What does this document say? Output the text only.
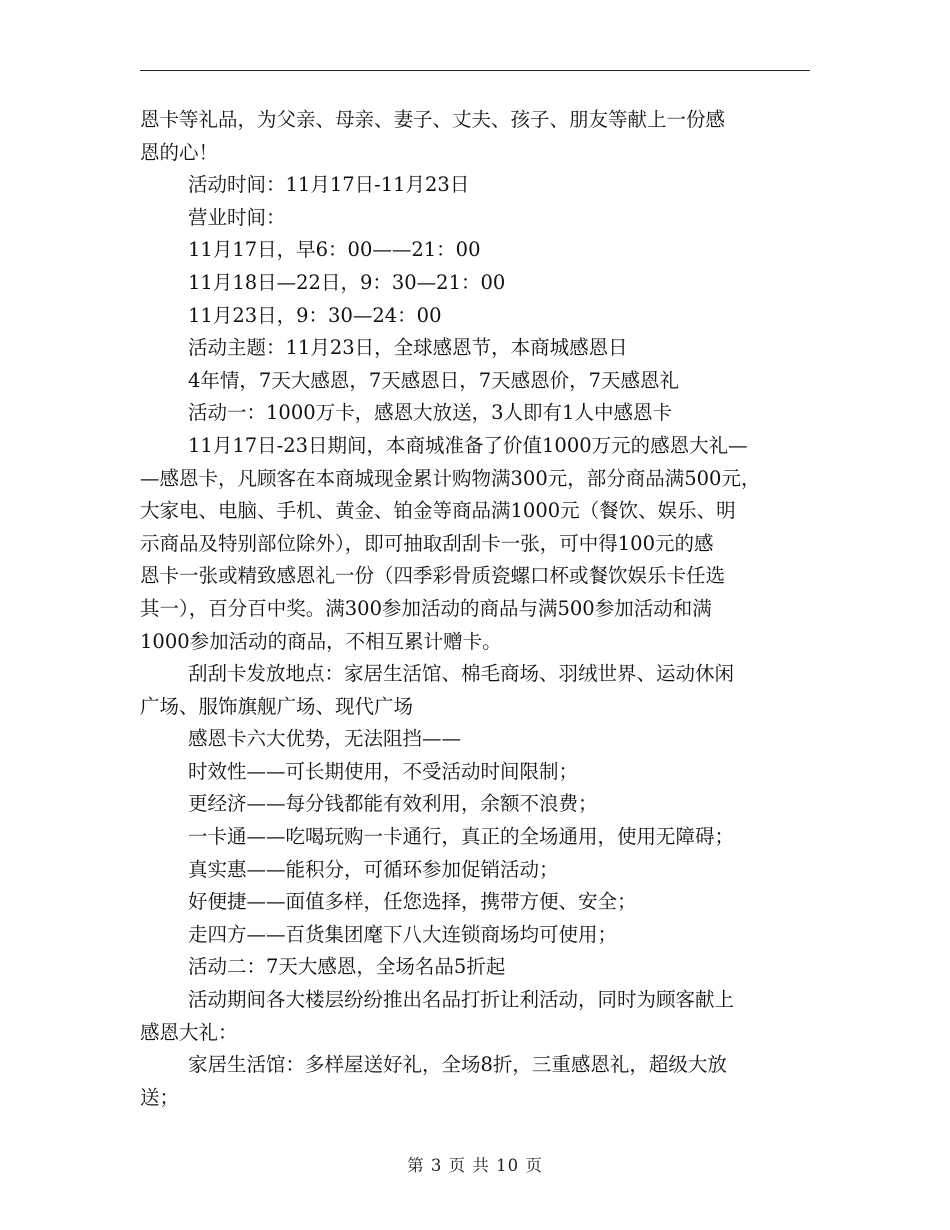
恩卡等礼品，为父亲、母亲、妻子、丈夫、孩子、朋友等献上一份感
恩的心！
活动时间：11月17日-11月23日
营业时间：
11月17日，早6：00——21：00
11月18日—22日，9：30—21：00
11月23日，9：30—24：00
活动主题：11月23日，全球感恩节，本商城感恩日
4年情，7天大感恩，7天感恩日，7天感恩价，7天感恩礼
活动一：1000万卡，感恩大放送，3人即有1人中感恩卡
11月17日-23日期间，本商城准备了价值1000万元的感恩大礼—
—感恩卡，凡顾客在本商城现金累计购物满300元，部分商品满500元，
大家电、电脑、手机、黄金、铂金等商品满1000元（餐饮、娱乐、明
示商品及特别部位除外），即可抽取刮刮卡一张，可中得100元的感
恩卡一张或精致感恩礼一份（四季彩骨质瓷螺口杯或餐饮娱乐卡任选
其一），百分百中奖。满300参加活动的商品与满500参加活动和满
1000参加活动的商品，不相互累计赠卡。
刮刮卡发放地点：家居生活馆、棉毛商场、羽绒世界、运动休闲
广场、服饰旗舰广场、现代广场
感恩卡六大优势，无法阻挡——
时效性——可长期使用，不受活动时间限制；
更经济——每分钱都能有效利用，余额不浪费；
一卡通——吃喝玩购一卡通行，真正的全场通用，使用无障碍；
真实惠——能积分，可循环参加促销活动；
好便捷——面值多样，任您选择，携带方便、安全；
走四方——百货集团麾下八大连锁商场均可使用；
活动二：7天大感恩，全场名品5折起
活动期间各大楼层纷纷推出名品打折让利活动，同时为顾客献上
感恩大礼：
家居生活馆：多样屋送好礼，全场8折，三重感恩礼，超级大放
送；
第 3 页 共 10 页
